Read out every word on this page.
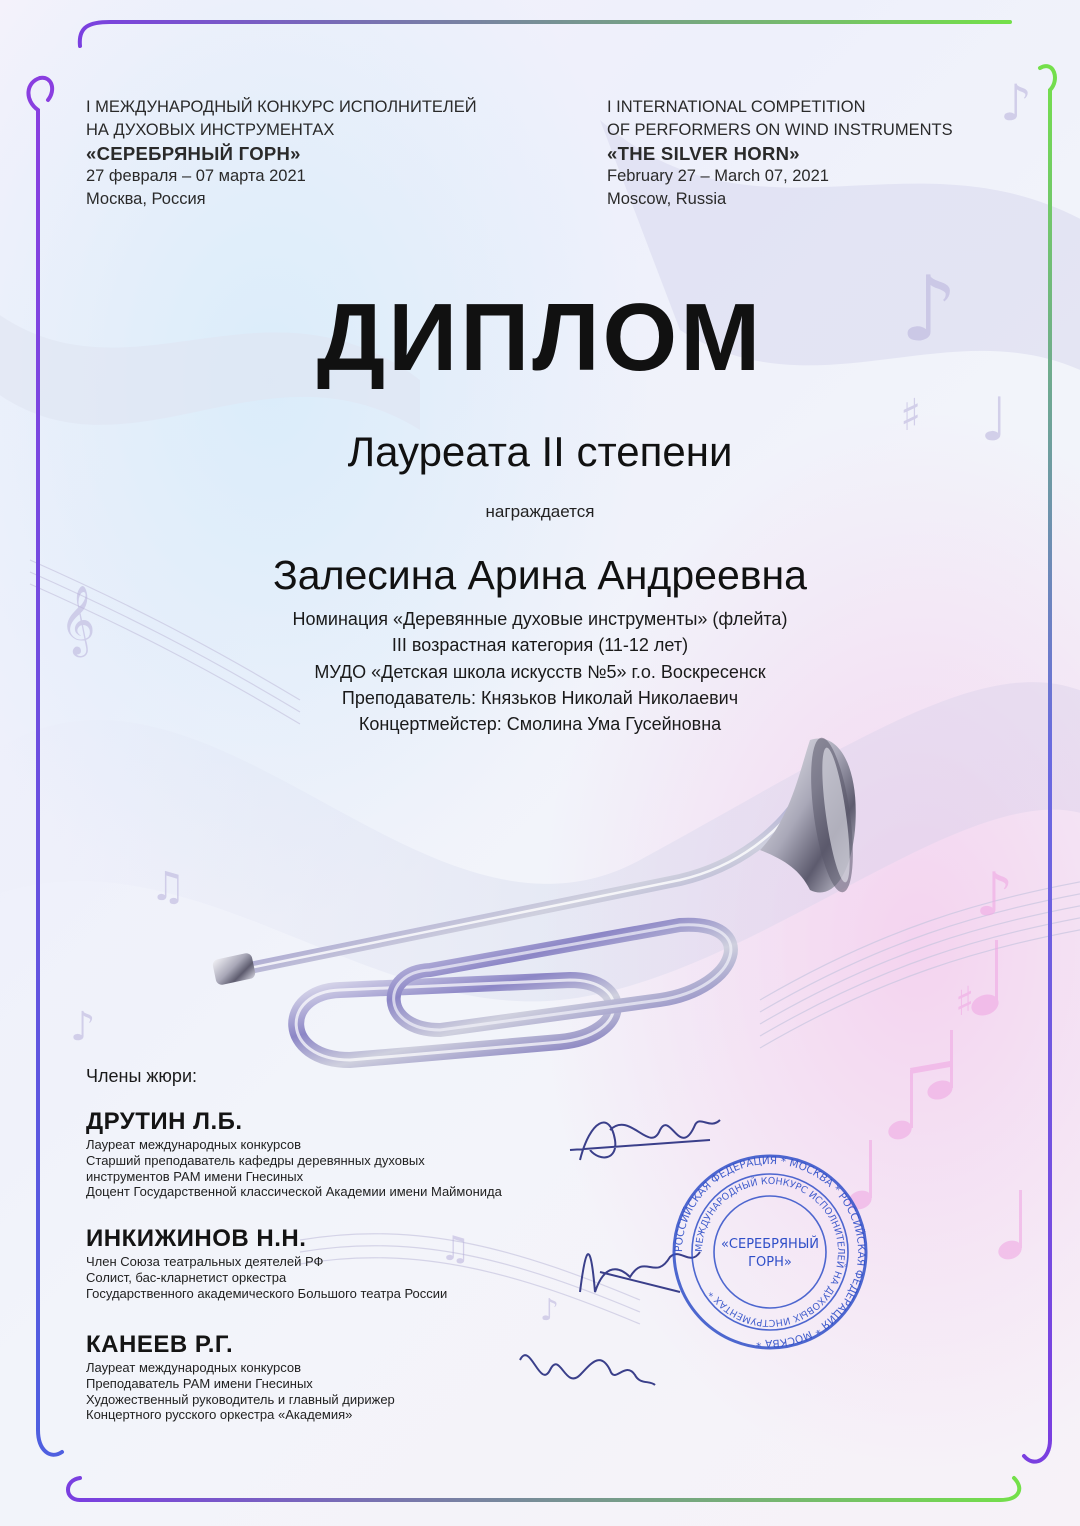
♯
♪
♪
♩
♯
♪
𝄞
♫
♪
♫
♪
I МЕЖДУНАРОДНЫЙ КОНКУРС ИСПОЛНИТЕЛЕЙ
НА ДУХОВЫХ ИНСТРУМЕНТАХ
«СЕРЕБРЯНЫЙ ГОРН»
27 февраля – 07 марта 2021
Москва, Россия
I INTERNATIONAL COMPETITION
OF PERFORMERS ON WIND INSTRUMENTS
«THE SILVER HORN»
February 27 – March 07, 2021
Moscow, Russia
ДИПЛОМ
Лауреата II степени
награждается
Залесина Арина Андреевна
Номинация «Деревянные духовые инструменты» (флейта)
III возрастная категория (11-12 лет)
МУДО «Детская школа искусств №5» г.о. Воскресенск
Преподаватель: Князьков Николай Николаевич
Концертмейстер: Смолина Ума Гусейновна
Члены жюри:
ДРУТИН Л.Б.
Лауреат международных конкурсов
Старший преподаватель кафедры деревянных духовых
инструментов РАМ имени Гнесиных
Доцент Государственной классической Академии имени Маймонида
ИНКИЖИНОВ Н.Н.
Член Союза театральных деятелей РФ
Солист, бас-кларнетист оркестра
Государственного академического Большого театра России
КАНЕЕВ Р.Г.
Лауреат международных конкурсов
Преподаватель РАМ имени Гнесиных
Художественный руководитель и главный дирижер
Концертного русского оркестра «Академия»
РОССИЙСКАЯ ФЕДЕРАЦИЯ * МОСКВА * РОССИЙСКАЯ ФЕДЕРАЦИЯ * МОСКВА *
МЕЖДУНАРОДНЫЙ КОНКУРС ИСПОЛНИТЕЛЕЙ НА ДУХОВЫХ ИНСТРУМЕНТАХ *
«СЕРЕБРЯНЫЙ
ГОРН»
